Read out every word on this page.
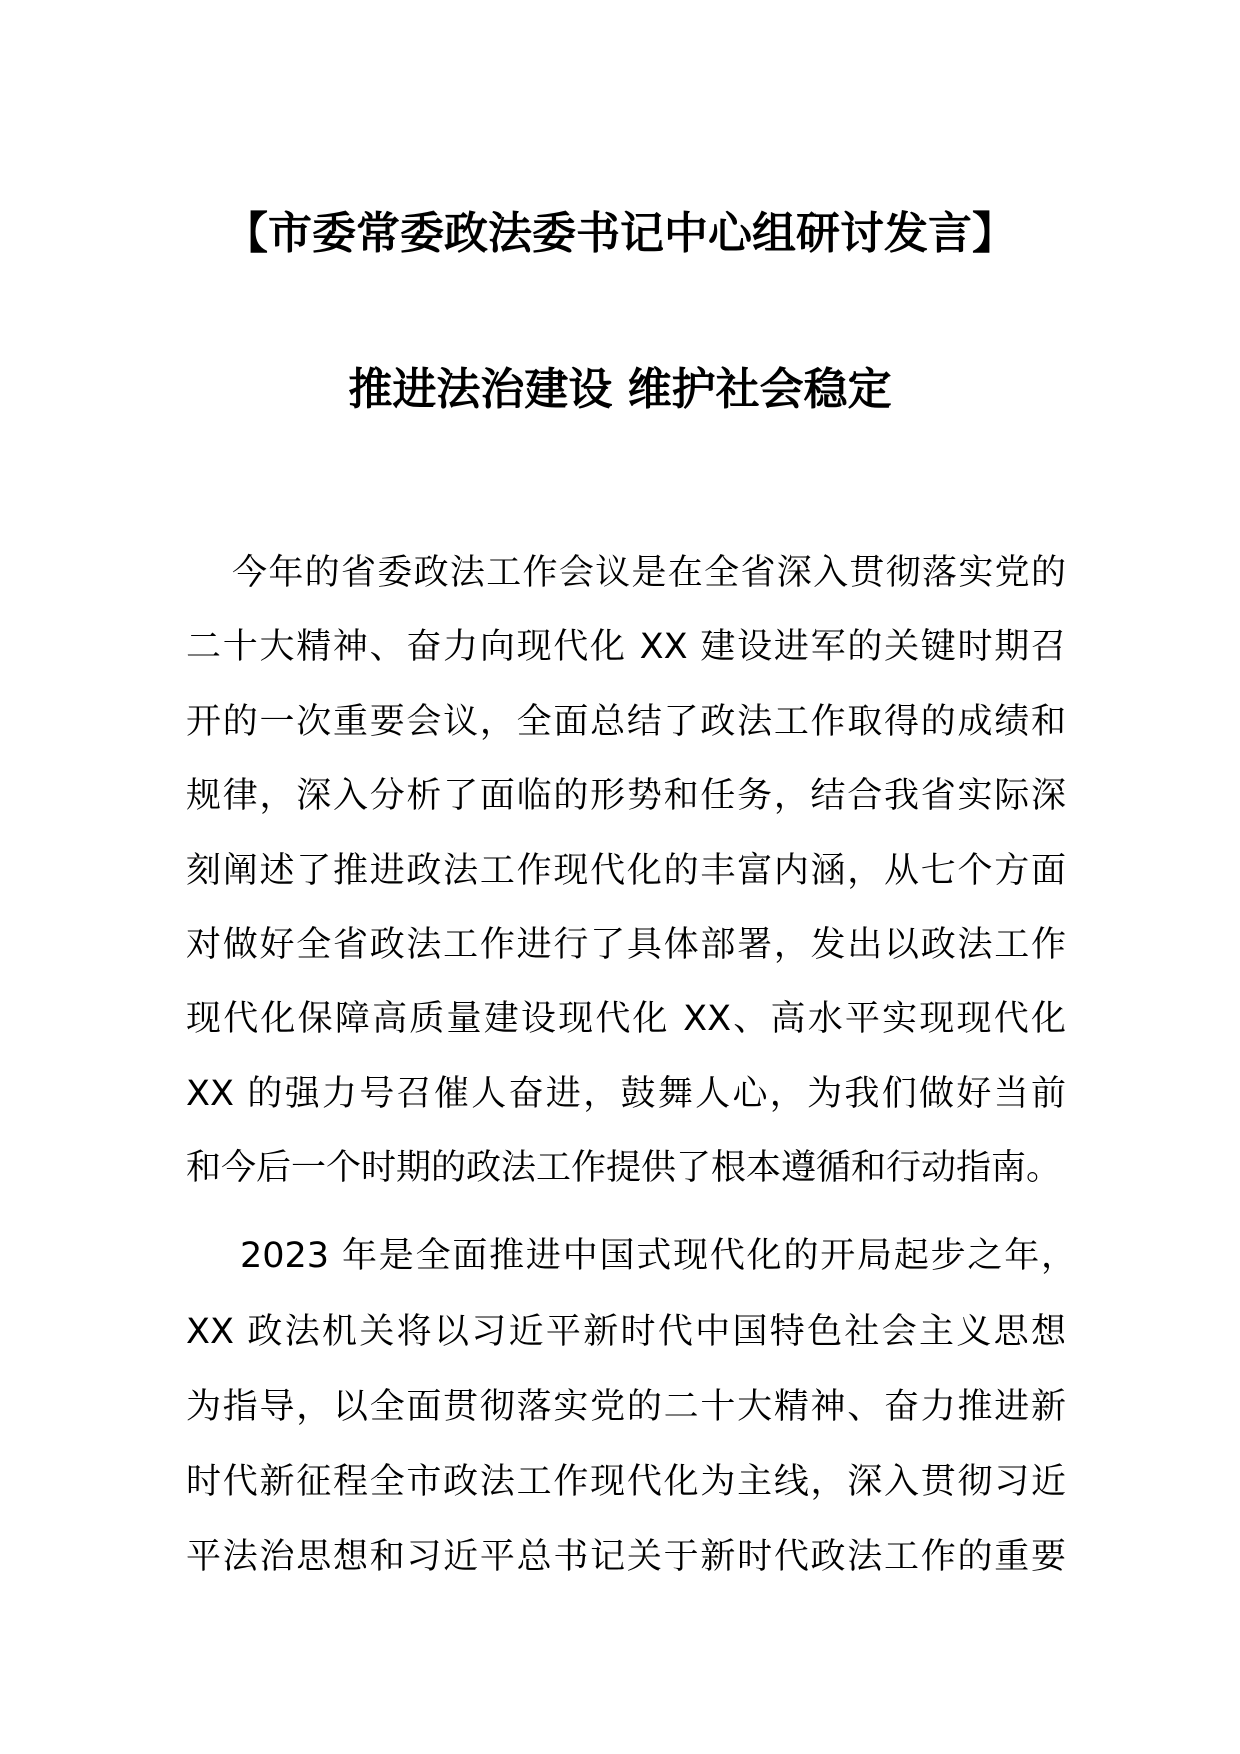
【市委常委政法委书记中心组研讨发言】
推进法治建设 维护社会稳定
今年的省委政法工作会议是在全省深入贯彻落实党的
二十大精神、奋力向现代化 XX 建设进军的关键时期召
开的一次重要会议，全面总结了政法工作取得的成绩和
规律，深入分析了面临的形势和任务，结合我省实际深
刻阐述了推进政法工作现代化的丰富内涵，从七个方面
对做好全省政法工作进行了具体部署，发出以政法工作
现代化保障高质量建设现代化 XX、高水平实现现代化
XX 的强力号召催人奋进，鼓舞人心，为我们做好当前
和今后一个时期的政法工作提供了根本遵循和行动指南。
2023 年是全面推进中国式现代化的开局起步之年，
XX 政法机关将以习近平新时代中国特色社会主义思想
为指导，以全面贯彻落实党的二十大精神、奋力推进新
时代新征程全市政法工作现代化为主线，深入贯彻习近
平法治思想和习近平总书记关于新时代政法工作的重要
